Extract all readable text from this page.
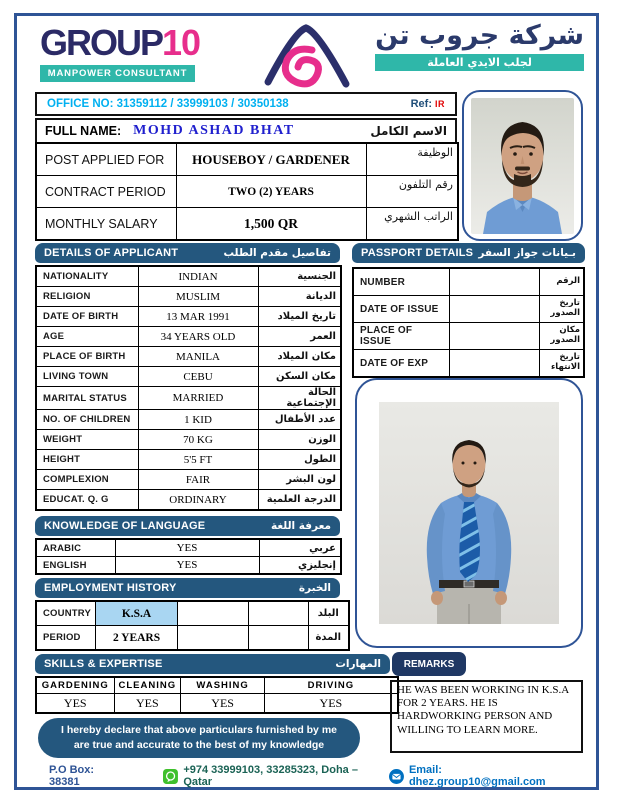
GROUP10
MANPOWER CONSULTANT
شركة جروب تن
لجلب الايدي العاملة
OFFICE NO: 31359112 / 33999103 / 30350138	Ref: IR
FULL NAME: MOHD ASHAD BHAT	الاسم الكامل
POST APPLIED FOR	HOUSEBOY / GARDENER	الوظيفة
CONTRACT PERIOD	TWO (2) YEARS	رقم التلفون
MONTHLY SALARY	1,500 QR	الراتب الشهري
DETAILS OF APPLICANT	تفاصيل مقدم الطلب
NATIONALITY	INDIAN	الجنسية
RELIGION	MUSLIM	الديانة
DATE OF BIRTH	13 MAR 1991	تاريخ الميلاد
AGE	34 YEARS OLD	العمر
PLACE OF BIRTH	MANILA	مكان الميلاد
LIVING TOWN	CEBU	مكان السكن
MARITAL STATUS	MARRIED	الحالة الإجتماعية
NO. OF CHILDREN	1 KID	عدد الأطفال
WEIGHT	70 KG	الوزن
HEIGHT	5'5 FT	الطول
COMPLEXION	FAIR	لون البشر
EDUCAT. Q. G	ORDINARY	الدرجة العلمية
KNOWLEDGE OF LANGUAGE	معرفة اللغة
ARABIC	YES	عربي
ENGLISH	YES	إنجليزي
EMPLOYMENT HISTORY	الخبرة
COUNTRY	K.S.A			البلد
PERIOD	2 YEARS			المدة
SKILLS & EXPERTISE	المهارات
GARDENING	CLEANING	WASHING	DRIVING
YES	YES	YES	YES
I hereby declare that above particulars furnished by me are true and accurate to the best of my knowledge
PASSPORT DETAILS بـيانات جواز السفر
NUMBER		الرقم
DATE OF ISSUE		تاريخ الصدور
PLACE OF ISSUE		مكان الصدور
DATE OF EXP		تاريخ الانتهاء
REMARKS
HE WAS BEEN WORKING IN K.S.A FOR 2 YEARS. HE IS HARDWORKING PERSON AND WILLING TO LEARN MORE.
P.O Box: 38381
+974 33999103, 33285323, Doha – Qatar
Email: dhez.group10@gmail.com
